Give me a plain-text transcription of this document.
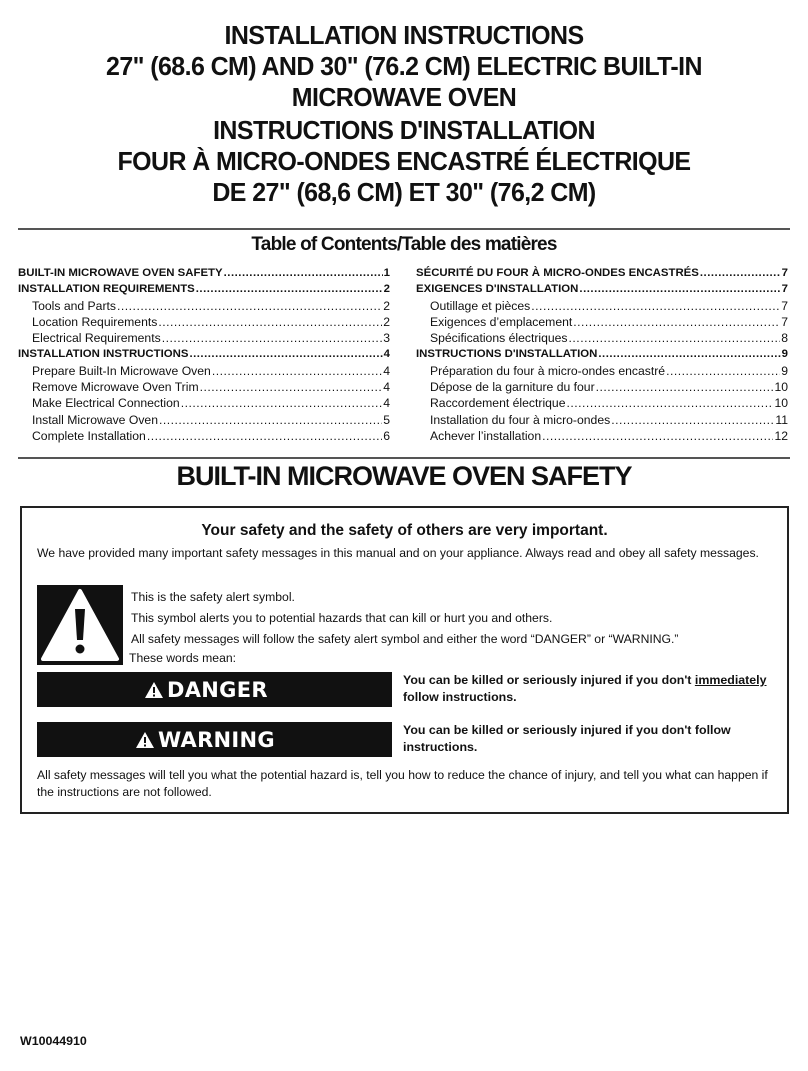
INSTALLATION INSTRUCTIONS
27" (68.6 CM) AND 30" (76.2 CM) ELECTRIC BUILT-IN
MICROWAVE OVEN
INSTRUCTIONS D'INSTALLATION
FOUR À MICRO-ONDES ENCASTRÉ ÉLECTRIQUE
DE 27" (68,6 CM) ET 30" (76,2 CM)
Table of Contents/Table des matières
BUILT-IN MICROWAVE OVEN SAFETY .....	1
INSTALLATION REQUIREMENTS .....	2
Tools and Parts .....	2
Location Requirements .....	2
Electrical Requirements .....	3
INSTALLATION INSTRUCTIONS .....	4
Prepare Built-In Microwave Oven .....	4
Remove Microwave Oven Trim .....	4
Make Electrical Connection .....	4
Install Microwave Oven .....	5
Complete Installation .....	6
SÉCURITÉ DU FOUR À MICRO-ONDES ENCASTRÉS .....	7
EXIGENCES D'INSTALLATION .....	7
Outillage et pièces .....	7
Exigences d’emplacement .....	7
Spécifications électriques .....	8
INSTRUCTIONS D'INSTALLATION .....	9
Préparation du four à micro-ondes encastré .....	9
Dépose de la garniture du four .....	10
Raccordement électrique .....	10
Installation du four à micro-ondes .....	11
Achever l’installation .....	12
BUILT-IN MICROWAVE OVEN SAFETY
Your safety and the safety of others are very important.
We have provided many important safety messages in this manual and on your appliance. Always read and obey all safety messages.
This is the safety alert symbol.
This symbol alerts you to potential hazards that can kill or hurt you and others.
All safety messages will follow the safety alert symbol and either the word “DANGER” or “WARNING.”
These words mean:
DANGER	You can be killed or seriously injured if you don't immediately follow instructions.
WARNING	You can be killed or seriously injured if you don't follow instructions.
All safety messages will tell you what the potential hazard is, tell you how to reduce the chance of injury, and tell you what can happen if the instructions are not followed.
W10044910
